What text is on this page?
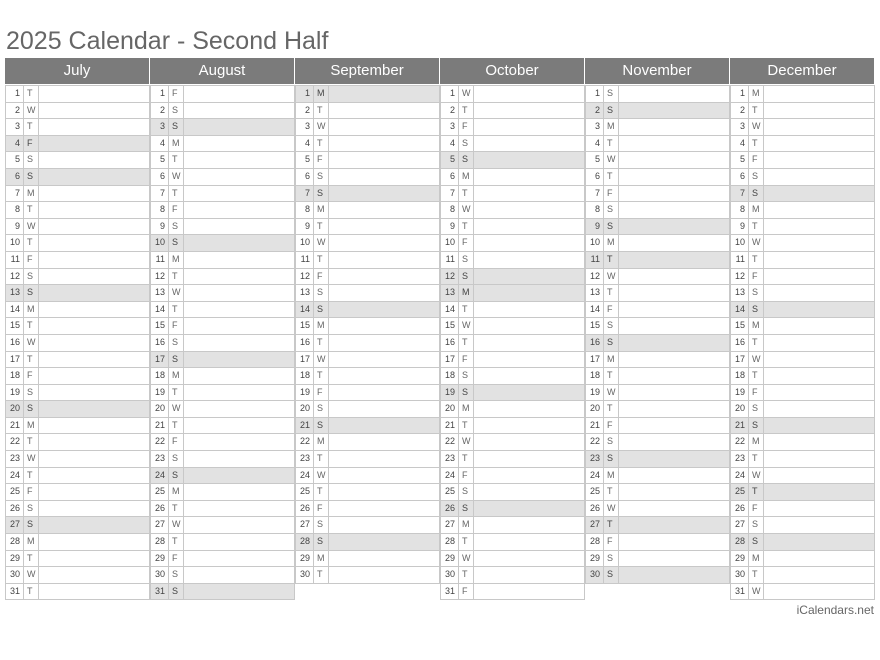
2025 Calendar - Second Half
July
1 T
2 W
3 T
4 F
5 S
6 S
7 M
8 T
9 W
10 T
11 F
12 S
13 S
14 M
15 T
16 W
17 T
18 F
19 S
20 S
21 M
22 T
23 W
24 T
25 F
26 S
27 S
28 M
29 T
30 W
31 T
August
1 F
2 S
3 S
4 M
5 T
6 W
7 T
8 F
9 S
10 S
11 M
12 T
13 W
14 T
15 F
16 S
17 S
18 M
19 T
20 W
21 T
22 F
23 S
24 S
25 M
26 T
27 W
28 T
29 F
30 S
31 S
September
1 M
2 T
3 W
4 T
5 F
6 S
7 S
8 M
9 T
10 W
11 T
12 F
13 S
14 S
15 M
16 T
17 W
18 T
19 F
20 S
21 S
22 M
23 T
24 W
25 T
26 F
27 S
28 S
29 M
30 T
October
1 W
2 T
3 F
4 S
5 S
6 M
7 T
8 W
9 T
10 F
11 S
12 S
13 M
14 T
15 W
16 T
17 F
18 S
19 S
20 M
21 T
22 W
23 T
24 F
25 S
26 S
27 M
28 T
29 W
30 T
31 F
November
1 S
2 S
3 M
4 T
5 W
6 T
7 F
8 S
9 S
10 M
11 T
12 W
13 T
14 F
15 S
16 S
17 M
18 T
19 W
20 T
21 F
22 S
23 S
24 M
25 T
26 W
27 T
28 F
29 S
30 S
December
1 M
2 T
3 W
4 T
5 F
6 S
7 S
8 M
9 T
10 W
11 T
12 F
13 S
14 S
15 M
16 T
17 W
18 T
19 F
20 S
21 S
22 M
23 T
24 W
25 T
26 F
27 S
28 S
29 M
30 T
31 W
iCalendars.net
